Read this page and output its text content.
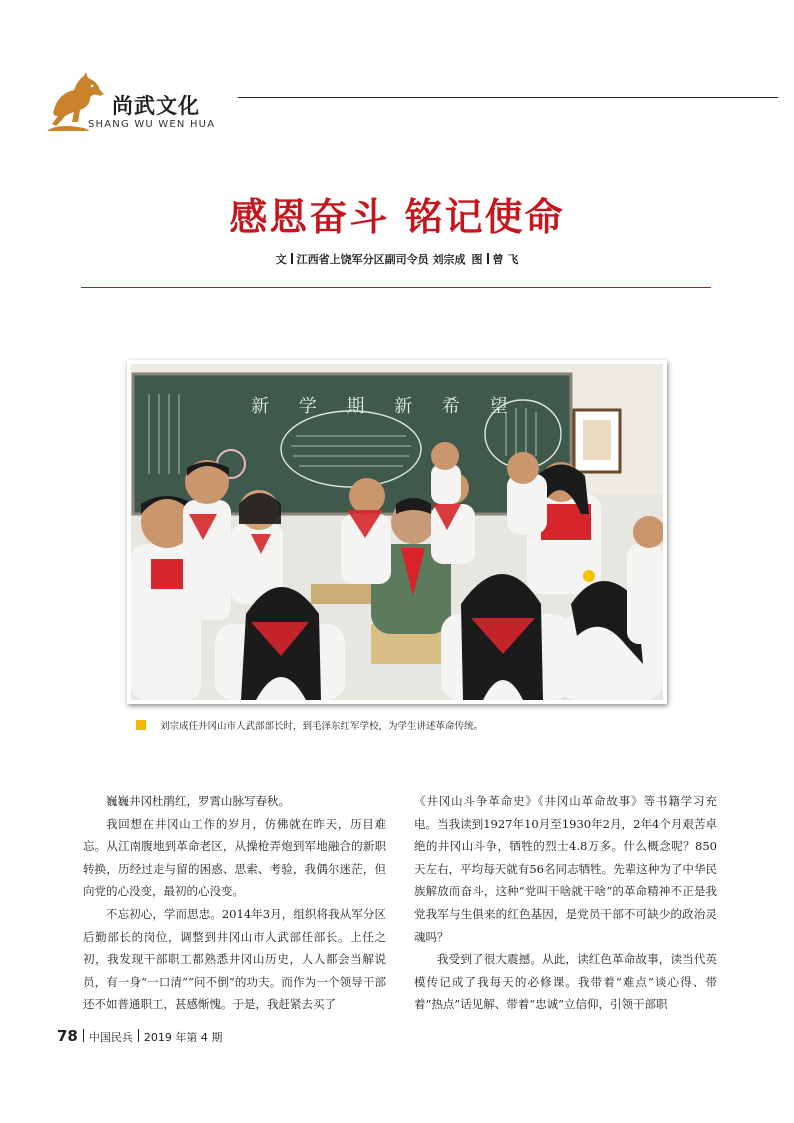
尚武文化
SHANG WU WEN HUA
感恩奋斗 铭记使命
文 江西省上饶军分区副司令员 刘宗成 图 曾 飞
新 学 期 新 希 望
刘宗成任井冈山市人武部部长时，到毛泽东红军学校，为学生讲述革命传统。

巍巍井冈杜鹃红，罗霄山脉写春秋。

我回想在井冈山工作的岁月，仿佛就在昨天，历目难忘。从江南腹地到革命老区，从操枪弄炮到军地融合的新职转换，历经过走与留的困惑、思索、考验，我偶尔迷茫，但向党的心没变，最初的心没变。

不忘初心，学而思忠。2014年3月，组织将我从军分区后勤部长的岗位，调整到井冈山市人武部任部长。上任之初，我发现干部职工都熟悉井冈山历史，人人都会当解说员，有一身“一口清”“问不倒”的功夫。而作为一个领导干部还不如普通职工，甚感惭愧。于是，我赶紧去买了

《井冈山斗争革命史》《井冈山革命故事》等书籍学习充电。当我读到1927年10月至1930年2月，2年4个月艰苦卓绝的井冈山斗争，牺牲的烈士4.8万多。什么概念呢？850天左右，平均每天就有56名同志牺牲。先辈这种为了中华民族解放而奋斗，这种“党叫干啥就干啥”的革命精神不正是我党我军与生俱来的红色基因，是党员干部不可缺少的政治灵魂吗？

我受到了很大震撼。从此，读红色革命故事，读当代英模传记成了我每天的必修课。我带着“难点”谈心得、带着“热点”话见解、带着“忠诚”立信仰，引领干部职

78 中国民兵 2019 年第 4 期
